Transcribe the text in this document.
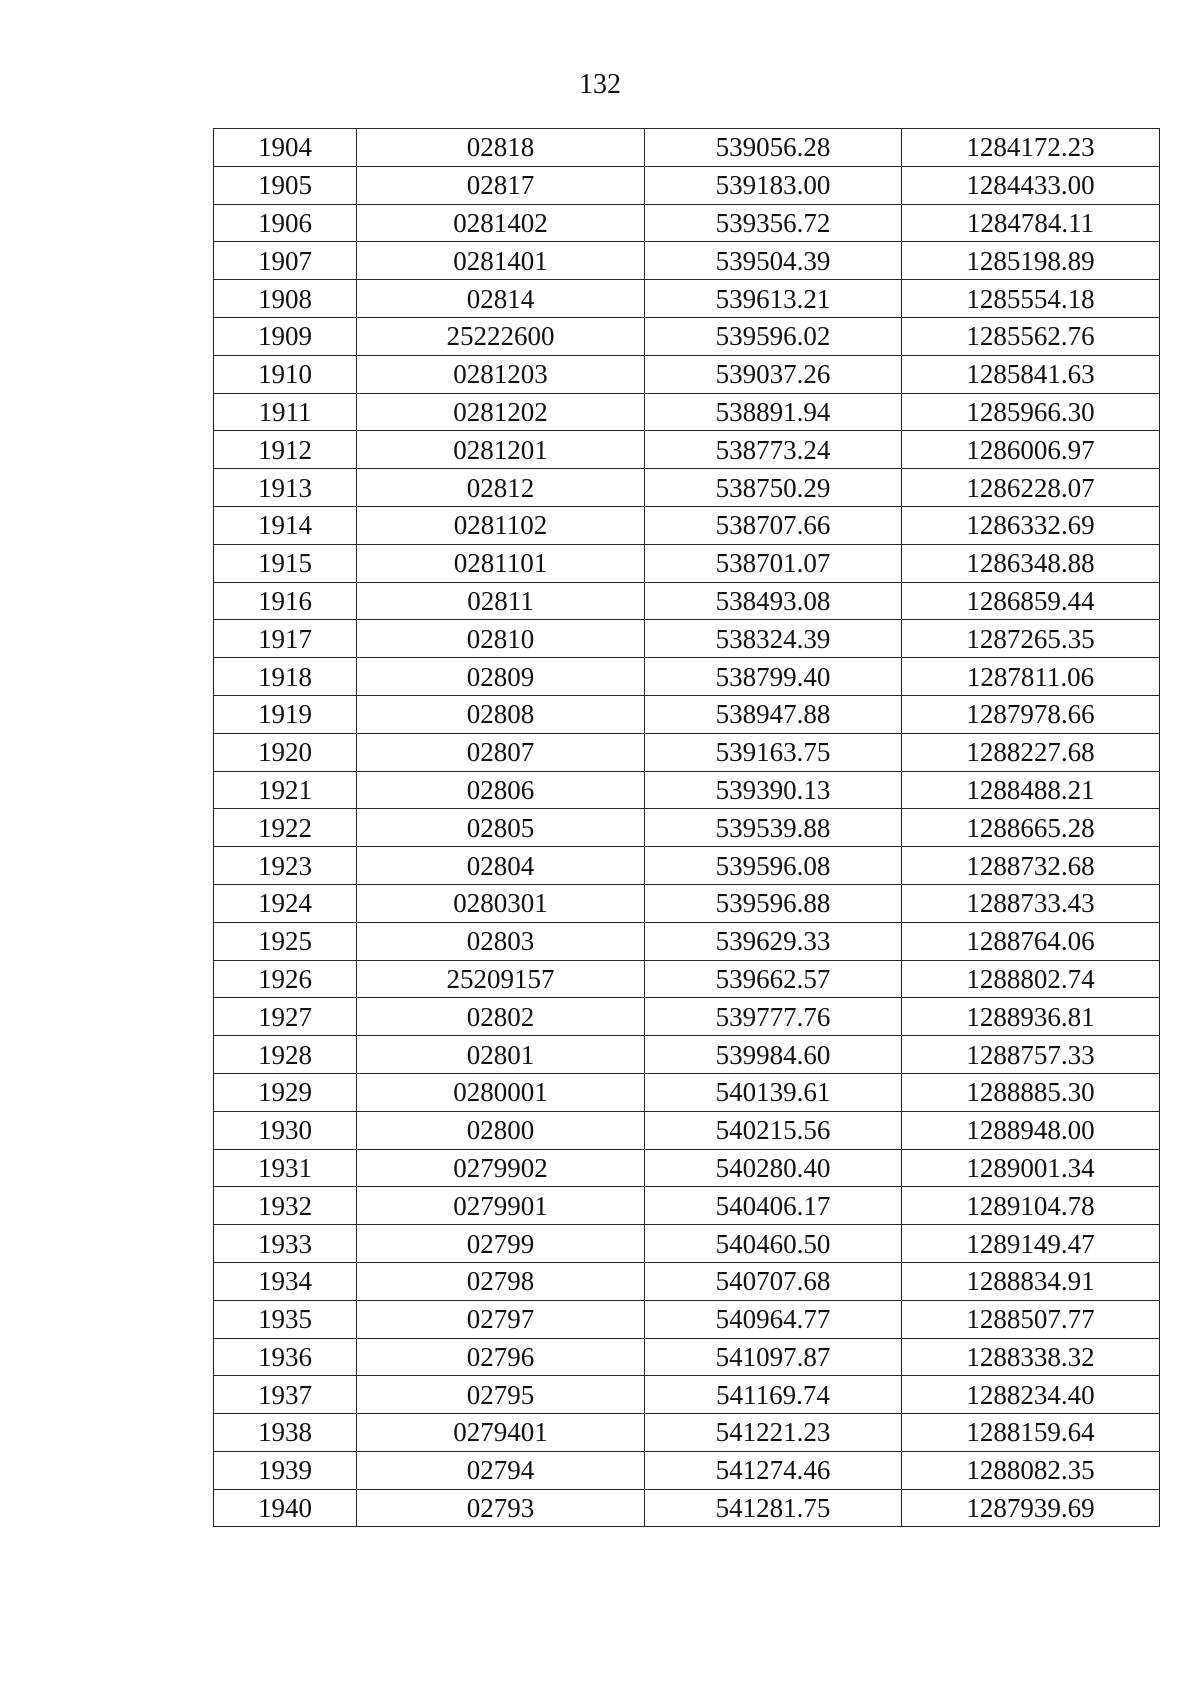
132
1904	02818	539056.28	1284172.23
1905	02817	539183.00	1284433.00
1906	0281402	539356.72	1284784.11
1907	0281401	539504.39	1285198.89
1908	02814	539613.21	1285554.18
1909	25222600	539596.02	1285562.76
1910	0281203	539037.26	1285841.63
1911	0281202	538891.94	1285966.30
1912	0281201	538773.24	1286006.97
1913	02812	538750.29	1286228.07
1914	0281102	538707.66	1286332.69
1915	0281101	538701.07	1286348.88
1916	02811	538493.08	1286859.44
1917	02810	538324.39	1287265.35
1918	02809	538799.40	1287811.06
1919	02808	538947.88	1287978.66
1920	02807	539163.75	1288227.68
1921	02806	539390.13	1288488.21
1922	02805	539539.88	1288665.28
1923	02804	539596.08	1288732.68
1924	0280301	539596.88	1288733.43
1925	02803	539629.33	1288764.06
1926	25209157	539662.57	1288802.74
1927	02802	539777.76	1288936.81
1928	02801	539984.60	1288757.33
1929	0280001	540139.61	1288885.30
1930	02800	540215.56	1288948.00
1931	0279902	540280.40	1289001.34
1932	0279901	540406.17	1289104.78
1933	02799	540460.50	1289149.47
1934	02798	540707.68	1288834.91
1935	02797	540964.77	1288507.77
1936	02796	541097.87	1288338.32
1937	02795	541169.74	1288234.40
1938	0279401	541221.23	1288159.64
1939	02794	541274.46	1288082.35
1940	02793	541281.75	1287939.69
